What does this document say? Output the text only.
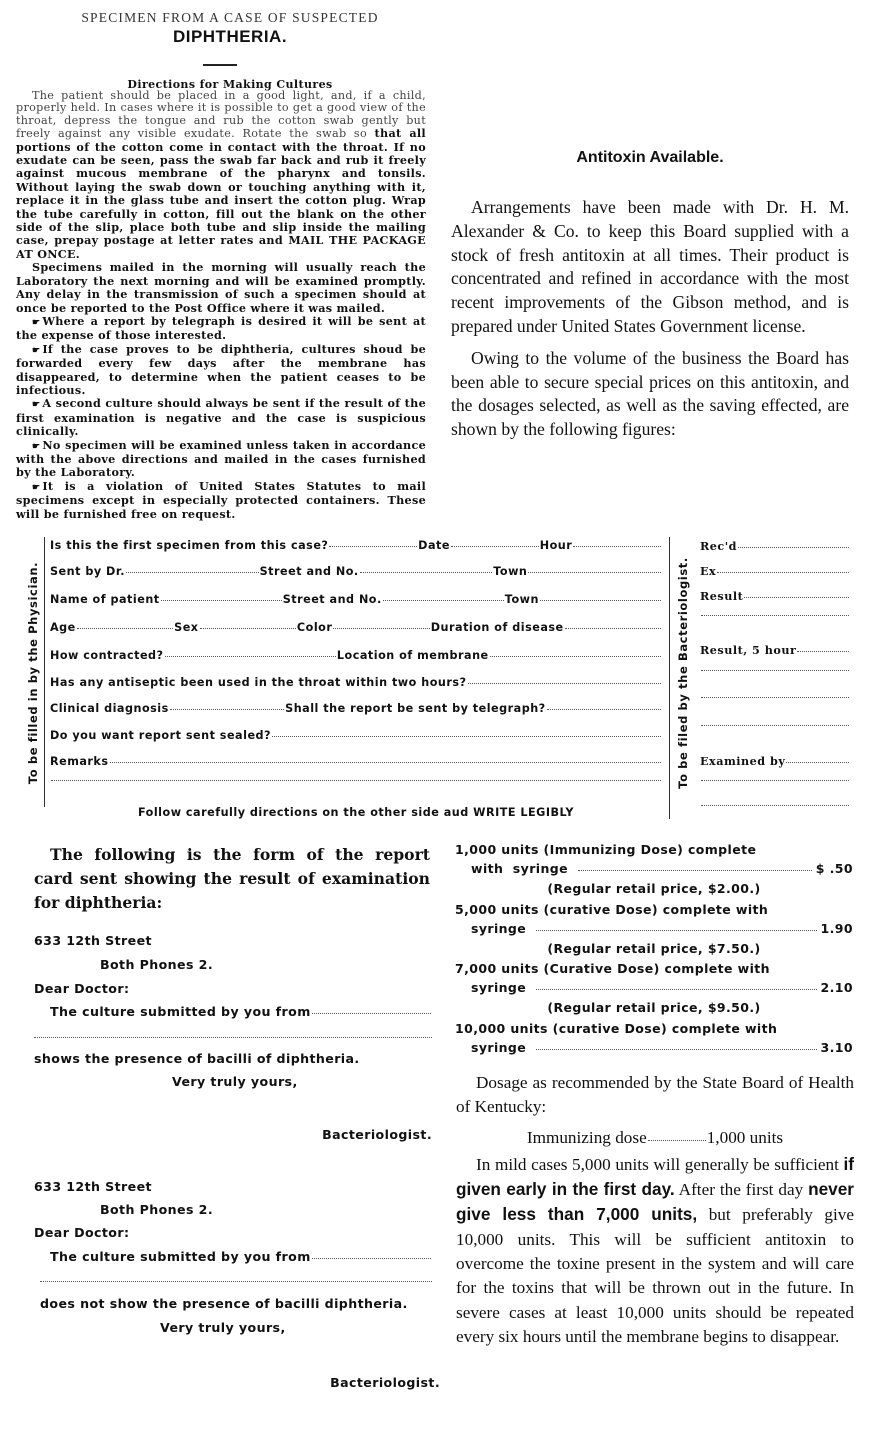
SPECIMEN FROM A CASE OF SUSPECTED
DIPHTHERIA.
Directions for Making Cultures

The patient should be placed in a good light, and, if a child, properly held. In cases where it is possible to get a good view of the throat, depress the tongue and rub the cotton swab gently but freely against any visible exudate. Rotate the swab so that all portions of the cotton come in contact with the throat. If no exudate can be seen, pass the swab far back and rub it freely against mucous membrane of the pharynx and tonsils. Without laying the swab down or touching anything with it, replace it in the glass tube and insert the cotton plug. Wrap the tube carefully in cotton, fill out the blank on the other side of the slip, place both tube and slip inside the mailing case, prepay postage at letter rates and MAIL THE PACKAGE AT ONCE.

Specimens mailed in the morning will usually reach the Laboratory the next morning and will be examined promptly. Any delay in the transmission of such a specimen should at once be reported to the Post Office where it was mailed.

☛ Where a report by telegraph is desired it will be sent at the expense of those interested.

☛ If the case proves to be diphtheria, cultures shoud be forwarded every few days after the membrane has disappeared, to determine when the patient ceases to be infectious.

☛ A second culture should always be sent if the result of the first examination is negative and the case is suspicious clinically.

☛ No specimen will be examined unless taken in accordance with the above directions and mailed in the cases furnished by the Laboratory.

☛ It is a violation of United States Statutes to mail specimens except in especially protected containers. These will be furnished free on request.

Antitoxin Available.

Arrangements have been made with Dr. H. M. Alexander & Co. to keep this Board supplied with a stock of fresh antitoxin at all times. Their product is concentrated and refined in accordance with the most recent improvements of the Gibson method, and is prepared under United States Government license.

Owing to the volume of the business the Board has been able to secure special prices on this antitoxin, and the dosages selected, as well as the saving effected, are shown by the following figures:

To be filled in by the Physician.	To be filed by the Bacteriologist.
Is this the first specimen from this case?	Date	Hour
Sent by Dr.	Street and No.	Town
Name of patient	Street and No.	Town
Age	Sex	Color	Duration of disease
How contracted?	Location of membrane
Has any antiseptic been used in the throat within two hours?
Clinical diagnosis	Shall the report be sent by telegraph?
Do you want report sent sealed?
Remarks
Follow carefully directions on the other side aud WRITE LEGIBLY
Rec'd
Ex
Result
Result, 5 hour
Examined by

The following is the form of the report card sent showing the result of examination for diphtheria:

633 12th Street
Both Phones 2.
Dear Doctor:
The culture submitted by you from
shows the presence of bacilli of diphtheria.
Very truly yours,
Bacteriologist.
633 12th Street
Both Phones 2.
Dear Doctor:
The culture submitted by you from
does not show the presence of bacilli diphtheria.
Very truly yours,
Bacteriologist.
1,000 units (Immunizing Dose) complete
with  syringe	$ .50
(Regular retail price, $2.00.)
5,000 units (curative Dose) complete with
syringe	1.90
(Regular retail price, $7.50.)
7,000 units (Curative Dose) complete with
syringe	2.10
(Regular retail price, $9.50.)
10,000 units (curative Dose) complete with
syringe	3.10

Dosage as recommended by the State Board of Health of Kentucky:

Immunizing dose	1,000 units

In mild cases 5,000 units will generally be sufficient if given early in the first day. After the first day never give less than 7,000 units, but preferably give 10,000 units. This will be sufficient antitoxin to overcome the toxine present in the system and will care for the toxins that will be thrown out in the future. In severe cases at least 10,000 units should be repeated every six hours until the membrane begins to disappear.
